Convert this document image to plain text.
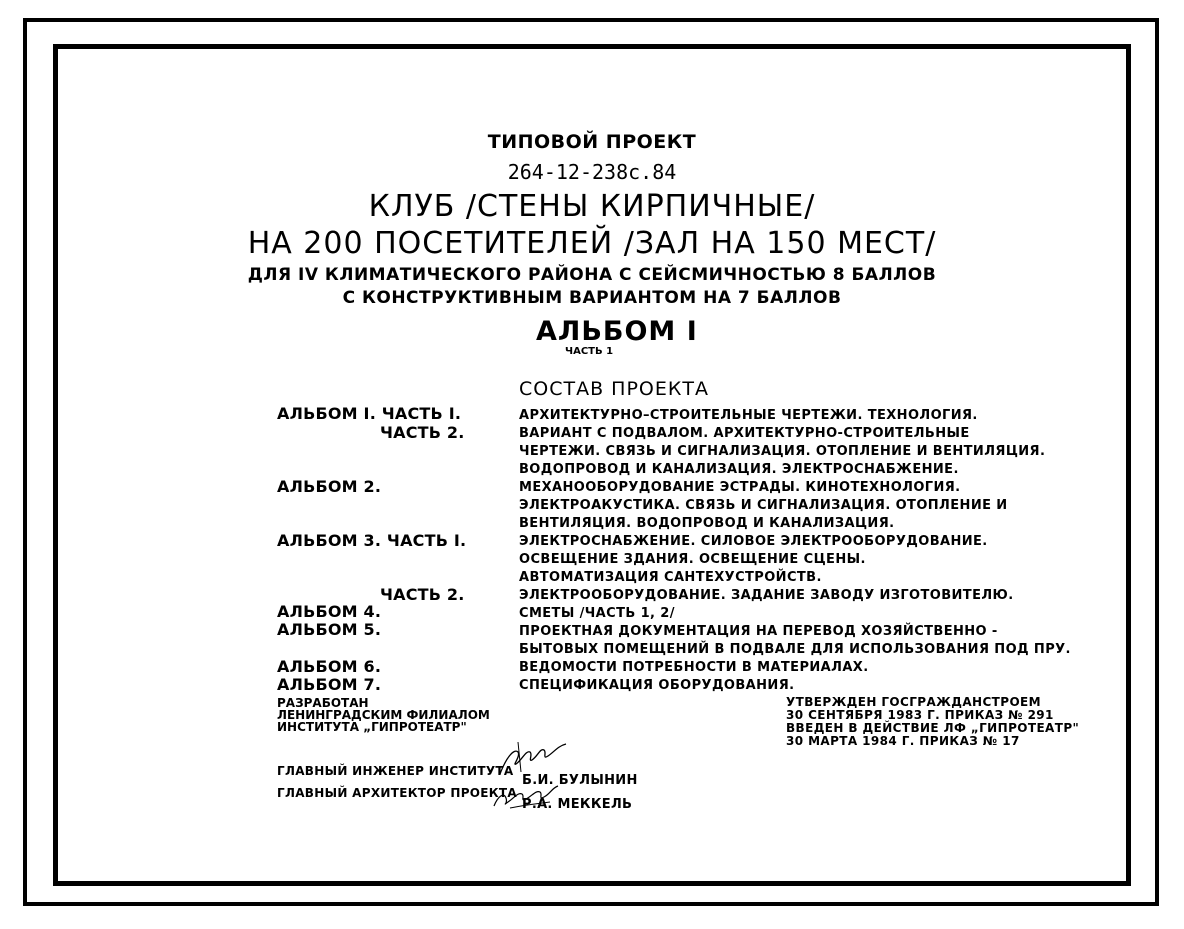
ТИПОВОЙ ПРОЕКТ
264-12-238с.84
КЛУБ /СТЕНЫ КИРПИЧНЫЕ/
НА 200 ПОСЕТИТЕЛЕЙ /ЗАЛ НА 150 МЕСТ/
ДЛЯ IV КЛИМАТИЧЕСКОГО РАЙОНА С СЕЙСМИЧНОСТЬЮ 8 БАЛЛОВ
С КОНСТРУКТИВНЫМ ВАРИАНТОМ НА 7 БАЛЛОВ
АЛЬБОМ I
ЧАСТЬ 1
СОСТАВ ПРОЕКТА
АЛЬБОМ I. ЧАСТЬ I.
ЧАСТЬ 2.
АЛЬБОМ 2.
АЛЬБОМ 3. ЧАСТЬ I.
ЧАСТЬ 2.
АЛЬБОМ 4.
АЛЬБОМ 5.
АЛЬБОМ 6.
АЛЬБОМ 7.
АРХИТЕКТУРНО–СТРОИТЕЛЬНЫЕ ЧЕРТЕЖИ. ТЕХНОЛОГИЯ.
ВАРИАНТ С ПОДВАЛОМ. АРХИТЕКТУРНО-СТРОИТЕЛЬНЫЕ
ЧЕРТЕЖИ. СВЯЗЬ И СИГНАЛИЗАЦИЯ. ОТОПЛЕНИЕ И ВЕНТИЛЯЦИЯ.
ВОДОПРОВОД И КАНАЛИЗАЦИЯ. ЭЛЕКТРОСНАБЖЕНИЕ.
МЕХАНООБОРУДОВАНИЕ ЭСТРАДЫ. КИНОТЕХНОЛОГИЯ.
ЭЛЕКТРОАКУСТИКА. СВЯЗЬ И СИГНАЛИЗАЦИЯ. ОТОПЛЕНИЕ И
ВЕНТИЛЯЦИЯ. ВОДОПРОВОД И КАНАЛИЗАЦИЯ.
ЭЛЕКТРОСНАБЖЕНИЕ. СИЛОВОЕ ЭЛЕКТРООБОРУДОВАНИЕ.
ОСВЕЩЕНИЕ ЗДАНИЯ. ОСВЕЩЕНИЕ СЦЕНЫ.
АВТОМАТИЗАЦИЯ САНТЕХУСТРОЙСТВ.
ЭЛЕКТРООБОРУДОВАНИЕ. ЗАДАНИЕ ЗАВОДУ ИЗГОТОВИТЕЛЮ.
СМЕТЫ /ЧАСТЬ 1, 2/
ПРОЕКТНАЯ ДОКУМЕНТАЦИЯ НА ПЕРЕВОД ХОЗЯЙСТВЕННО -
БЫТОВЫХ ПОМЕЩЕНИЙ В ПОДВАЛЕ ДЛЯ ИСПОЛЬЗОВАНИЯ ПОД ПРУ.
ВЕДОМОСТИ ПОТРЕБНОСТИ В МАТЕРИАЛАХ.
СПЕЦИФИКАЦИЯ ОБОРУДОВАНИЯ.
РАЗРАБОТАН
ЛЕНИНГРАДСКИМ ФИЛИАЛОМ
ИНСТИТУТА „ГИПРОТЕАТР"
УТВЕРЖДЕН ГОСГРАЖДАНСТРОЕМ
30 СЕНТЯБРЯ 1983 Г. ПРИКАЗ № 291
ВВЕДЕН В ДЕЙСТВИЕ ЛФ „ГИПРОТЕАТР"
30 МАРТА 1984 Г. ПРИКАЗ № 17
ГЛАВНЫЙ ИНЖЕНЕР ИНСТИТУТА
Б.И. БУЛЫНИН
ГЛАВНЫЙ АРХИТЕКТОР ПРОЕКТА
Р.А. МЕККЕЛЬ
